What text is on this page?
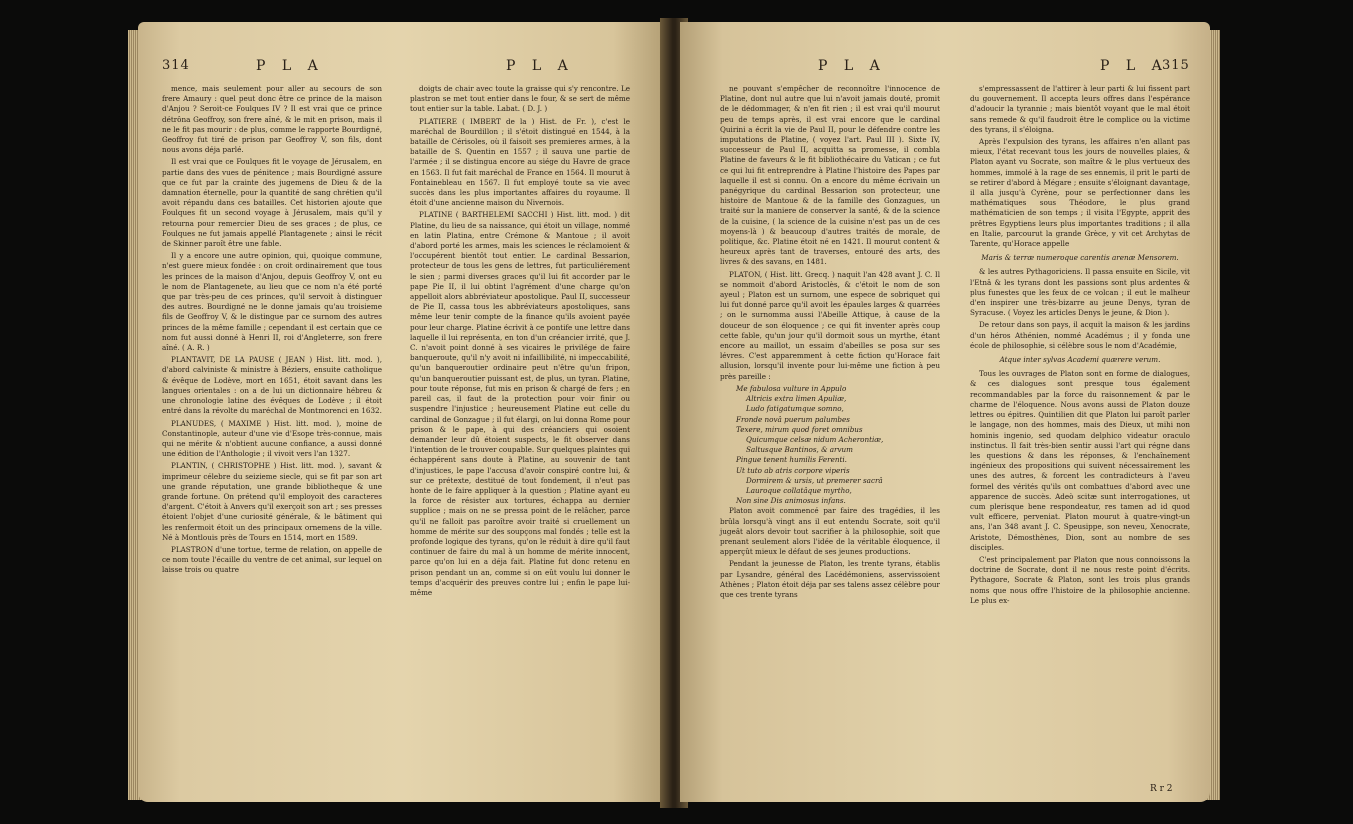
314	P L A	P L A

mence, mais seulement pour aller au secours de son frere Amaury : quel peut donc être ce prince de la maison d'Anjou ? Seroit-ce Foulques IV ? Il est vrai que ce prince détrôna Geoffroy, son frere aîné, & le mit en prison, mais il ne le fit pas mourir : de plus, comme le rapporte Bourdigné, Geoffroy fut tiré de prison par Geoffroy V, son fils, dont nous avons déja parlé.

Il est vrai que ce Foulques fit le voyage de Jérusalem, en partie dans des vues de pénitence ; mais Bourdigné assure que ce fut par la crainte des jugemens de Dieu & de la damnation éternelle, pour la quantité de sang chrétien qu'il avoit répandu dans ces batailles. Cet historien ajoute que Foulques fit un second voyage à Jérusalem, mais qu'il y retourna pour remercier Dieu de ses graces ; de plus, ce Foulques ne fut jamais appellé Plantagenete ; ainsi le récit de Skinner paroît être une fable.

Il y a encore une autre opinion, qui, quoique commune, n'est guere mieux fondée : on croit ordinairement que tous les princes de la maison d'Anjou, depuis Geoffroy V, ont eu le nom de Plantagenete, au lieu que ce nom n'a été porté que par très-peu de ces princes, qu'il servoit à distinguer des autres. Bourdigné ne le donne jamais qu'au troisieme fils de Geoffroy V, & le distingue par ce surnom des autres princes de la même famille ; cependant il est certain que ce nom fut aussi donné à Henri II, roi d'Angleterre, son frere aîné. ( A. R. )

PLANTAVIT, DE LA PAUSE ( JEAN ) Hist. litt. mod. ), d'abord calviniste & ministre à Béziers, ensuite catholique & évêque de Lodève, mort en 1651, étoit savant dans les langues orientales : on a de lui un dictionnaire hébreu & une chronologie latine des évêques de Lodève ; il étoit entré dans la révolte du maréchal de Montmorenci en 1632.

PLANUDES, ( MAXIME ) Hist. litt. mod. ), moine de Constantinople, auteur d'une vie d'Esope très-connue, mais qui ne mérite & n'obtient aucune confiance, a aussi donné une édition de l'Anthologie ; il vivoit vers l'an 1327.

PLANTIN, ( CHRISTOPHE ) Hist. litt. mod. ), savant & imprimeur célebre du seizieme siecle, qui se fit par son art une grande réputation, une grande bibliotheque & une grande fortune. On prétend qu'il employoit des caracteres d'argent. C'étoit à Anvers qu'il exerçoit son art ; ses presses étoient l'objet d'une curiosité générale, & le bâtiment qui les renfermoit étoit un des principaux ornemens de la ville. Né à Montlouis près de Tours en 1514, mort en 1589.

PLASTRON d'une tortue, terme de relation, on appelle de ce nom toute l'écaille du ventre de cet animal, sur lequel on laisse trois ou quatre

doigts de chair avec toute la graisse qui s'y rencontre. Le plastron se met tout entier dans le four, & se sert de même tout entier sur la table. Labat. ( D. J. )

PLATIERE ( IMBERT de la ) Hist. de Fr. ), c'est le maréchal de Bourdillon ; il s'étoit distingué en 1544, à la bataille de Cérisoles, où il faisoit ses premieres armes, à la bataille de S. Quentin en 1557 ; il sauva une partie de l'armée ; il se distingua encore au siége du Havre de grace en 1563. Il fut fait maréchal de France en 1564. Il mourut à Fontainebleau en 1567. Il fut employé toute sa vie avec succès dans les plus importantes affaires du royaume. Il étoit d'une ancienne maison du Nivernois.

PLATINE ( BARTHELEMI SACCHI ) Hist. litt. mod. ) dit Platine, du lieu de sa naissance, qui étoit un village, nommé en latin Platina, entre Crémone & Mantoue ; il avoit d'abord porté les armes, mais les sciences le réclamoient & l'occupérent bientôt tout entier. Le cardinal Bessarion, protecteur de tous les gens de lettres, fut particuliérement le sien ; parmi diverses graces qu'il lui fit accorder par le pape Pie II, il lui obtint l'agrément d'une charge qu'on appelloit alors abbréviateur apostolique. Paul II, successeur de Pie II, cassa tous les abbréviateurs apostoliques, sans même leur tenir compte de la finance qu'ils avoient payée pour leur charge. Platine écrivit à ce pontife une lettre dans laquelle il lui représenta, en ton d'un créancier irrité, que J. C. n'avoit point donné à ses vicaires le privilége de faire banqueroute, qu'il n'y avoit ni infaillibilité, ni impeccabilité, qu'un banqueroutier ordinaire peut n'être qu'un fripon, qu'un banqueroutier puissant est, de plus, un tyran. Platine, pour toute réponse, fut mis en prison & chargé de fers ; en pareil cas, il faut de la protection pour voir finir ou suspendre l'injustice ; heureusement Platine eut celle du cardinal de Gonzague ; il fut élargi, on lui donna Rome pour prison & le pape, à qui des créanciers qui osoient demander leur dû étoient suspects, le fit observer dans l'intention de le trouver coupable. Sur quelques plaintes qui échappérent sans doute à Platine, au souvenir de tant d'injustices, le pape l'accusa d'avoir conspiré contre lui, & sur ce prétexte, destitué de tout fondement, il n'eut pas honte de le faire appliquer à la question ; Platine ayant eu la force de résister aux tortures, échappa au dernier supplice ; mais on ne se pressa point de le relâcher, parce qu'il ne falloit pas paroître avoir traité si cruellement un homme de mérite sur des soupçons mal fondés ; telle est la profonde logique des tyrans, qu'on le réduit à dire qu'il faut continuer de faire du mal à un homme de mérite innocent, parce qu'on lui en a déja fait. Platine fut donc retenu en prison pendant un an, comme si on eût voulu lui donner le temps d'acquérir des preuves contre lui ; enfin le pape lui-même

P L A	P L A
315

ne pouvant s'empêcher de reconnoître l'innocence de Platine, dont nul autre que lui n'avoit jamais douté, promit de le dédommager, & n'en fit rien ; il est vrai qu'il mourut peu de temps après, il est vrai encore que le cardinal Quirini a écrit la vie de Paul II, pour le défendre contre les imputations de Platine, ( voyez l'art. Paul III ). Sixte IV, successeur de Paul II, acquitta sa promesse, il combla Platine de faveurs & le fit bibliothécaire du Vatican ; ce fut ce qui lui fit entreprendre à Platine l'histoire des Papes par laquelle il est si connu. On a encore du même écrivain un panégyrique du cardinal Bessarion son protecteur, une histoire de Mantoue & de la famille des Gonzagues, un traité sur la maniere de conserver la santé, & de la science de la cuisine, ( la science de la cuisine n'est pas un de ces moyens-là ) & beaucoup d'autres traités de morale, de politique, &c. Platine étoit né en 1421. Il mourut content & heureux après tant de traverses, entouré des arts, des livres & des savans, en 1481.

PLATON, ( Hist. litt. Grecq. ) naquit l'an 428 avant J. C. Il se nommoit d'abord Aristoclès, & c'étoit le nom de son ayeul ; Platon est un surnom, une espece de sobriquet qui lui fut donné parce qu'il avoit les épaules larges & quarrées ; on le surnomma aussi l'Abeille Attique, à cause de la douceur de son éloquence ; ce qui fit inventer après coup cette fable, qu'un jour qu'il dormoit sous un myrthe, étant encore au maillot, un essaim d'abeilles se posa sur ses lévres. C'est apparemment à cette fiction qu'Horace fait allusion, lorsqu'il invente pour lui-même une fiction à peu près pareille :

Me fabulosa vulture in Appulo

Altricis extra limen Apuliæ,

Ludo fatigatumque somno,

Fronde novâ puerum palumbes

Texere, mirum quod foret omnibus

Quicumque celsæ nidum Acherontiæ,

Saltusque Bantinos, & arvum

Pingue tenent humilis Ferenti.

Ut tuto ab atris corpore viperis

Dormirem & ursis, ut premerer sacrâ

Lauroque collatâque myrtho,

Non sine Dis animosus infans.

Platon avoit commencé par faire des tragédies, il les brûla lorsqu'à vingt ans il eut entendu Socrate, soit qu'il jugeât alors devoir tout sacrifier à la philosophie, soit que prenant seulement alors l'idée de la véritable éloquence, il apperçût mieux le défaut de ses jeunes productions.

Pendant la jeunesse de Platon, les trente tyrans, établis par Lysandre, général des Lacédémoniens, asservissoient Athènes ; Platon étoit déja par ses talens assez célèbre pour que ces trente tyrans

s'empressassent de l'attirer à leur parti & lui fissent part du gouvernement. Il accepta leurs offres dans l'espérance d'adoucir la tyrannie ; mais bientôt voyant que le mal étoit sans remede & qu'il faudroit être le complice ou la victime des tyrans, il s'éloigna.

Après l'expulsion des tyrans, les affaires n'en allant pas mieux, l'état recevant tous les jours de nouvelles plaies, & Platon ayant vu Socrate, son maître & le plus vertueux des hommes, immolé à la rage de ses ennemis, il prit le parti de se retirer d'abord à Mégare ; ensuite s'éloignant davantage, il alla jusqu'à Cyrène, pour se perfectionner dans les mathématiques sous Théodore, le plus grand mathématicien de son temps ; il visita l'Egypte, apprit des prêtres Egyptiens leurs plus importantes traditions ; il alla en Italie, parcourut la grande Grèce, y vit cet Archytas de Tarente, qu'Horace appelle

Maris & terræ numeroque carentis arenæ Mensorem.

& les autres Pythagoriciens. Il passa ensuite en Sicile, vit l'Etnâ & les tyrans dont les passions sont plus ardentes & plus funestes que les feux de ce volcan ; il eut le malheur d'en inspirer une très-bizarre au jeune Denys, tyran de Syracuse. ( Voyez les articles Denys le jeune, & Dion ).

De retour dans son pays, il acquit la maison & les jardins d'un héros Athénien, nommé Académus ; il y fonda une école de philosophie, si célèbre sous le nom d'Académie,

Atque inter sylvas Academi quærere verum.

Tous les ouvrages de Platon sont en forme de dialogues, & ces dialogues sont presque tous également recommandables par la force du raisonnement & par le charme de l'éloquence. Nous avons aussi de Platon douze lettres ou épitres. Quintilien dit que Platon lui paroît parler le langage, non des hommes, mais des Dieux, ut mihi non hominis ingenio, sed quodam delphico videatur oraculo instinctus. Il fait très-bien sentir aussi l'art qui régne dans les questions & dans les réponses, & l'enchaînement ingénieux des propositions qui suivent nécessairement les unes des autres, & forcent les contradicteurs à l'aveu formel des vérités qu'ils ont combattues d'abord avec une apparence de succès. Adeò scitæ sunt interrogationes, ut cum plerisque bene respondeatur, res tamen ad id quod vult efficere, perveniat. Platon mourut à quatre-vingt-un ans, l'an 348 avant J. C. Speusippe, son neveu, Xenocrate, Aristote, Démosthènes, Dion, sont au nombre de ses disciples.

C'est principalement par Platon que nous connoissons la doctrine de Socrate, dont il ne nous reste point d'écrits. Pythagore, Socrate & Platon, sont les trois plus grands noms que nous offre l'histoire de la philosophie ancienne. Le plus ex-

R r 2
